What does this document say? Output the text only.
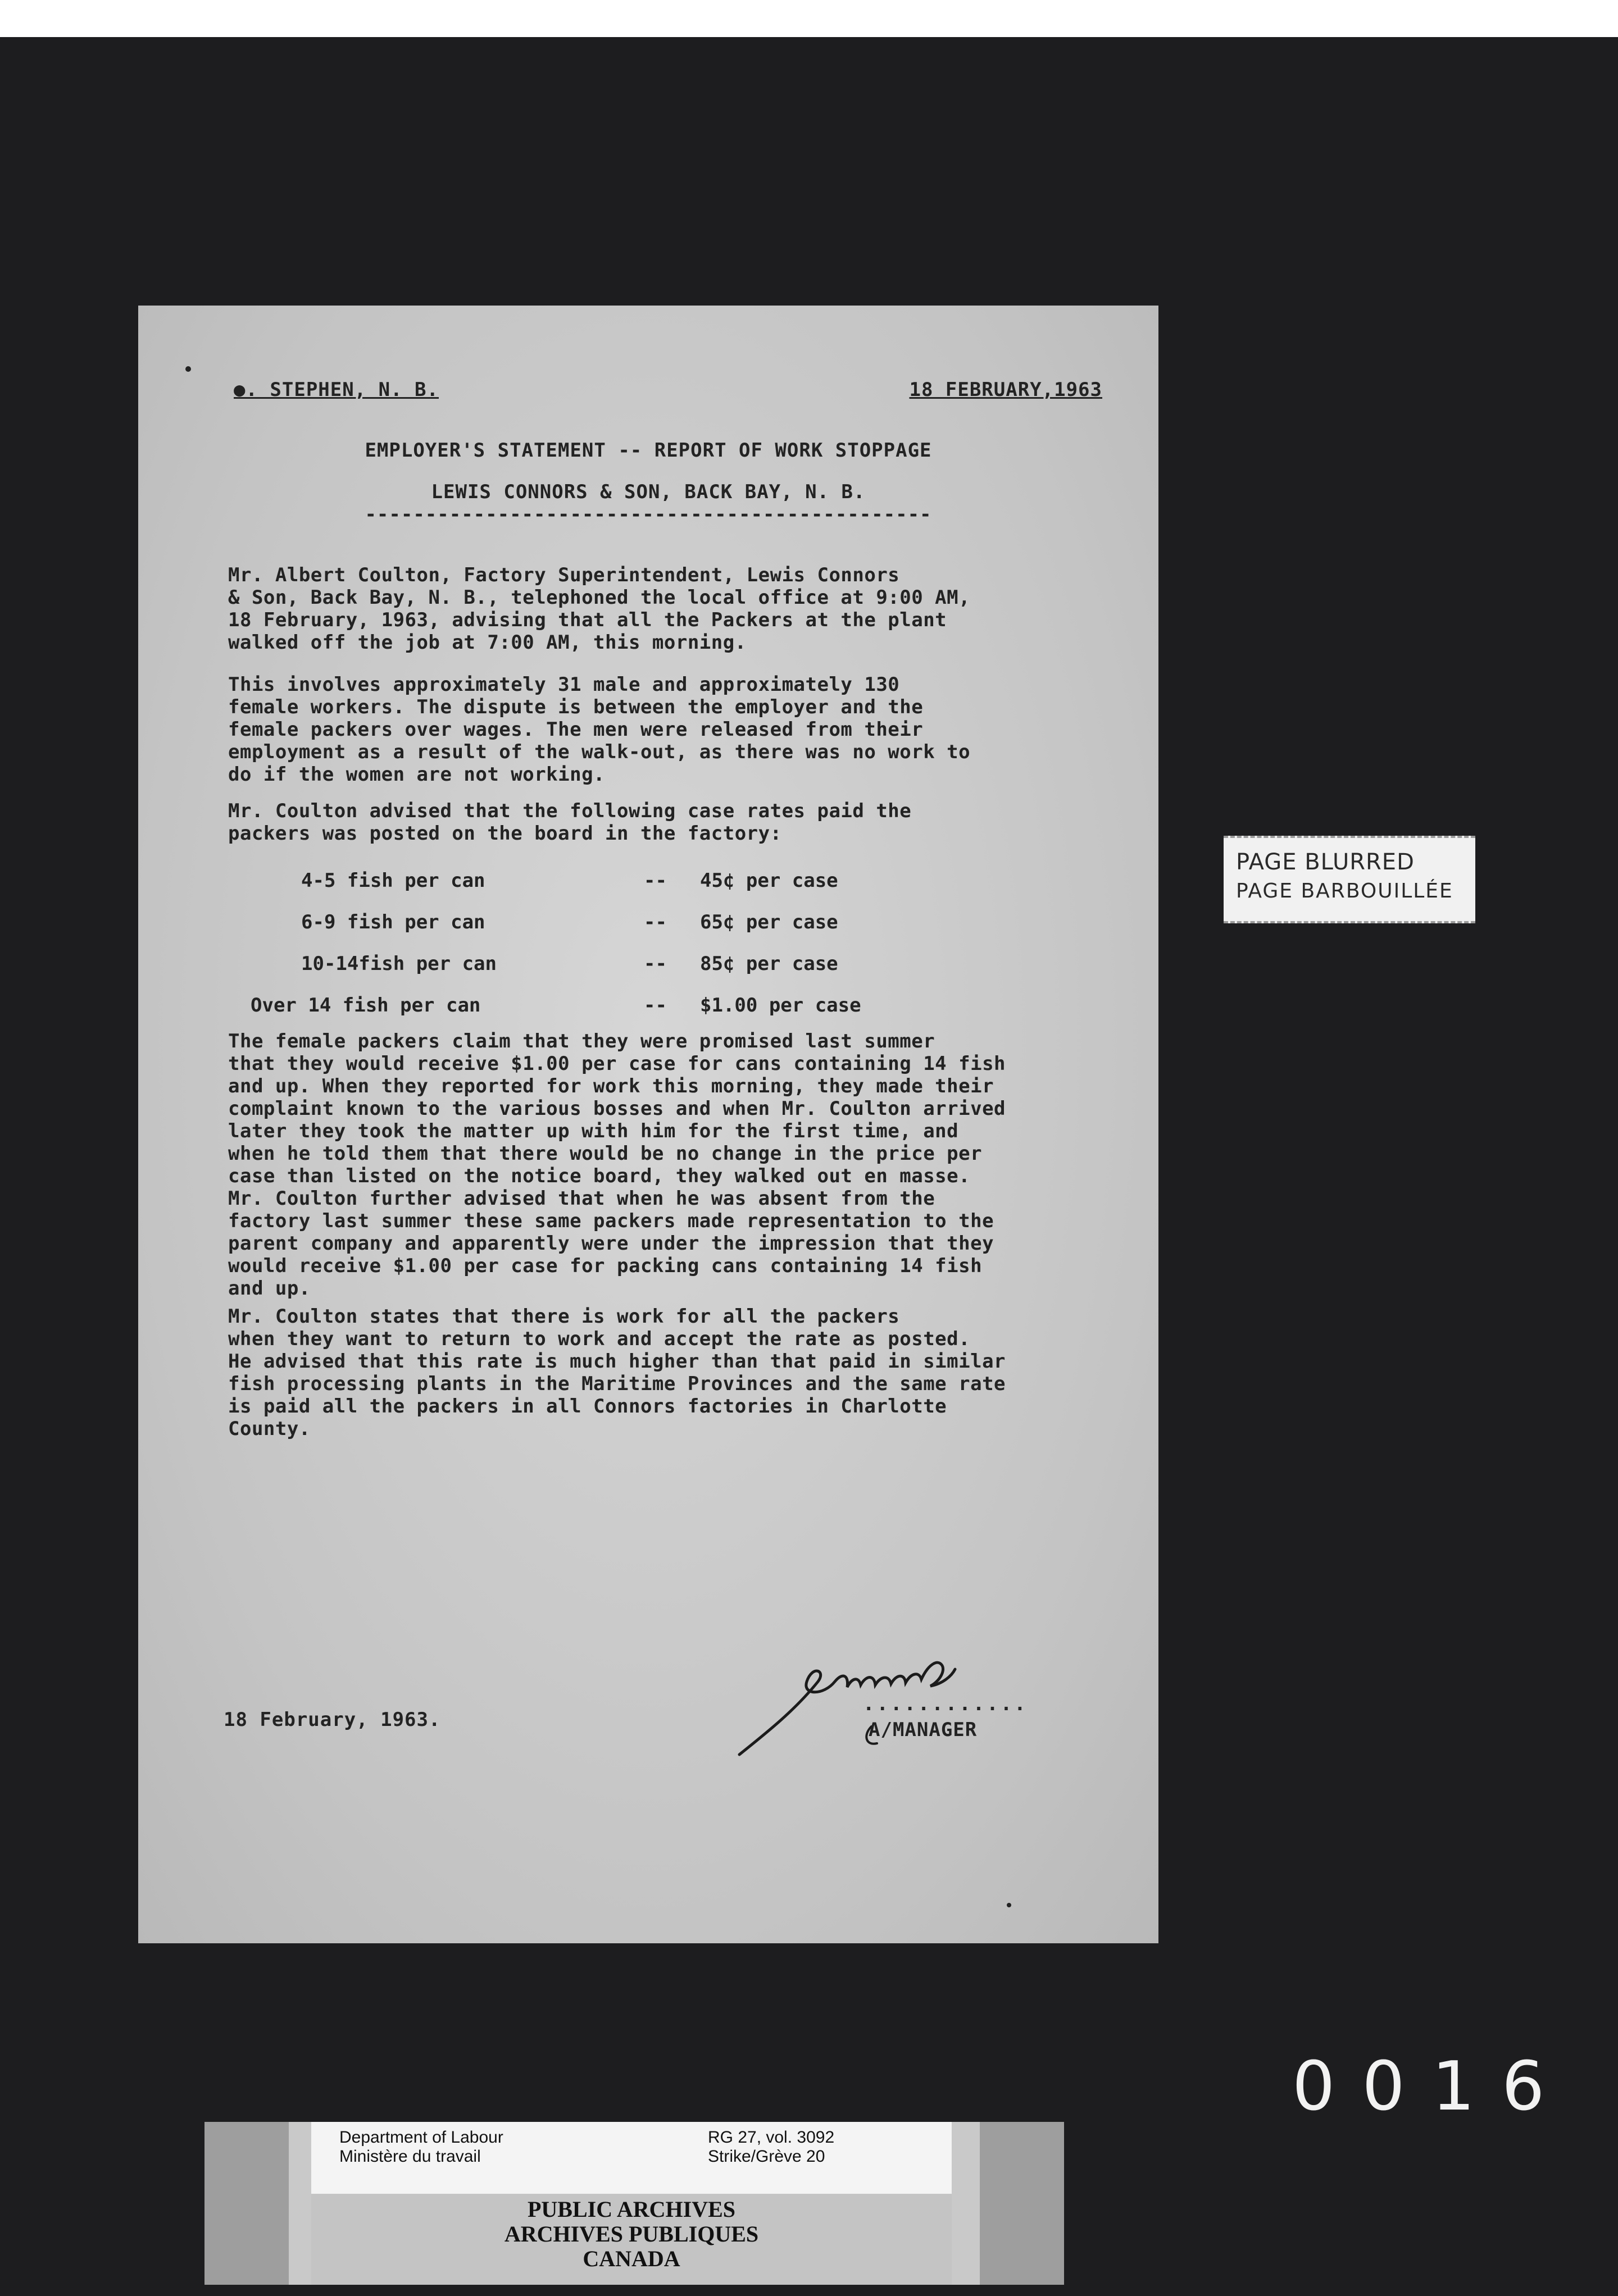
●. STEPHEN, N. B.	18 FEBRUARY,1963
EMPLOYER'S STATEMENT -- REPORT OF WORK STOPPAGE
LEWIS CONNORS & SON, BACK BAY, N. B.
-----------------------------------------------
Mr. Albert Coulton, Factory Superintendent, Lewis Connors
& Son, Back Bay, N. B., telephoned the local office at 9:00 AM,
18 February, 1963, advising that all the Packers at the plant
walked off the job at 7:00 AM, this morning.
This involves approximately 31 male and approximately 130
female workers. The dispute is between the employer and the
female packers over wages. The men were released from their
employment as a result of the walk-out, as there was no work to
do if the women are not working.
Mr. Coulton advised that the following case rates paid the
packers was posted on the board in the factory:
4-5 fish per can	-- 45¢ per case
6-9 fish per can	-- 65¢ per case
10-14fish per can	-- 85¢ per case
Over 14 fish per can	-- $1.00 per case
The female packers claim that they were promised last summer
that they would receive $1.00 per case for cans containing 14 fish
and up. When they reported for work this morning, they made their
complaint known to the various bosses and when Mr. Coulton arrived
later they took the matter up with him for the first time, and
when he told them that there would be no change in the price per
case than listed on the notice board, they walked out en masse.
Mr. Coulton further advised that when he was absent from the
factory last summer these same packers made representation to the
parent company and apparently were under the impression that they
would receive $1.00 per case for packing cans containing 14 fish
and up.
Mr. Coulton states that there is work for all the packers
when they want to return to work and accept the rate as posted.
He advised that this rate is much higher than that paid in similar
fish processing plants in the Maritime Provinces and the same rate
is paid all the packers in all Connors factories in Charlotte
County.
18 February, 1963.
............
A/MANAGER
PAGE BLURRED
PAGE BARBOUILLÉE
0016
Department of Labour
Ministère du travail
RG 27, vol. 3092
Strike/Grève 20
PUBLIC ARCHIVES
ARCHIVES PUBLIQUES
CANADA
